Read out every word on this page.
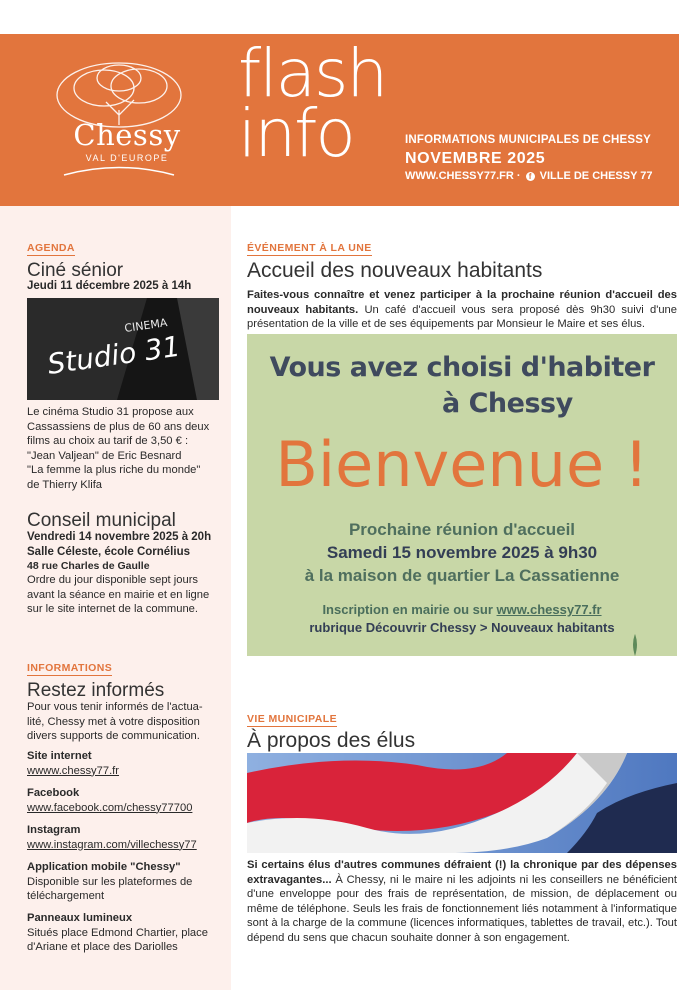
Chessy
VAL D'EUROPE
flash
info	INFORMATIONS MUNICIPALES DE CHESSY
NOVEMBRE 2025
WWW.CHESSY77.FR · f VILLE DE CHESSY 77
AGENDA
Ciné sénior
Jeudi 11 décembre 2025 à 14h
CINEMA
Studio 31
Le cinéma Studio 31 propose aux
Cassassiens de plus de 60 ans deux
films au choix au tarif de 3,50 € :
"Jean Valjean" de Eric Besnard
"La femme la plus riche du monde"
de Thierry Klifa
Conseil municipal
Vendredi 14 novembre 2025 à 20h
Salle Céleste, école Cornélius
48 rue Charles de Gaulle
Ordre du jour disponible sept jours
avant la séance en mairie et en ligne
sur le site internet de la commune.
INFORMATIONS
Restez informés
Pour vous tenir informés de l'actua-
lité, Chessy met à votre disposition
divers supports de communication.
Site internet
wwww.chessy77.fr
Facebook
www.facebook.com/chessy77700
Instagram
www.instagram.com/villechessy77
Application mobile "Chessy"
Disponible sur les plateformes de
téléchargement
Panneaux lumineux
Situés place Edmond Chartier, place
d'Ariane et place des Dariolles
ÉVÉNEMENT À LA UNE
Accueil des nouveaux habitants
Faites-vous connaître et venez participer à la prochaine réunion d'accueil des nouveaux habitants. Un café d'accueil vous sera proposé dès 9h30 suivi d'une présentation de la ville et de ses équipements par Monsieur le Maire et ses élus.
Vous avez choisi d'habiter
à Chessy
Bienvenue !
Prochaine réunion d'accueil
Samedi 15 novembre 2025 à 9h30
à la maison de quartier La Cassatienne
Inscription en mairie ou sur www.chessy77.fr
rubrique Découvrir Chessy > Nouveaux habitants
VIE MUNICIPALE
À propos des élus
Si certains élus d'autres communes défraient (!) la chronique par des dépenses extravagantes... À Chessy, ni le maire ni les adjoints ni les conseillers ne bénéficient d'une enveloppe pour des frais de représentation, de mission, de déplacement ou même de téléphone. Seuls les frais de fonctionnement liés notamment à l'informatique sont à la charge de la commune (licences informatiques, tablettes de travail, etc.). Tout dépend du sens que chacun souhaite donner à son engagement.
